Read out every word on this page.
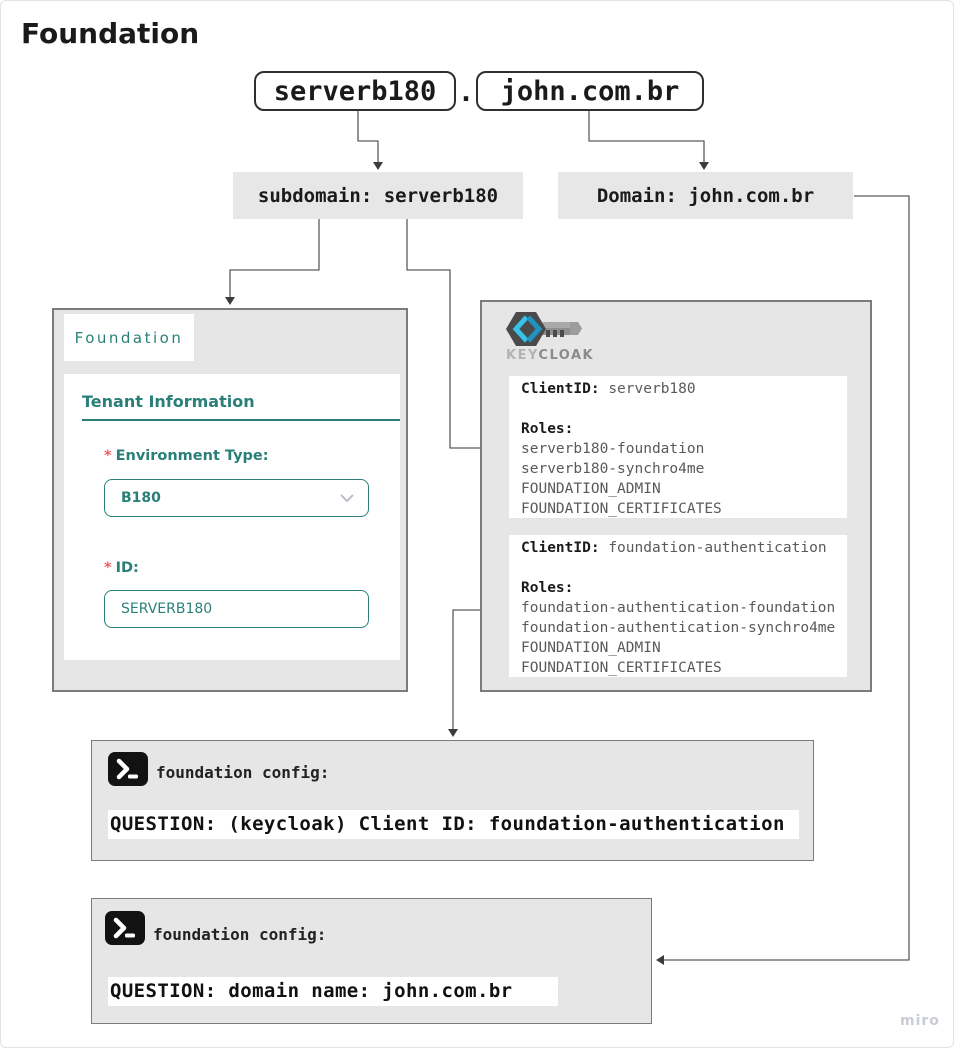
Foundation
serverb180 . john.com.br
subdomain: serverb180	Domain: john.com.br
Foundation
Tenant Information
* Environment Type:
B180
* ID:
SERVERB180
KEYCLOAK
ClientID: serverb180

Roles:
serverb180-foundation
serverb180-synchro4me
FOUNDATION_ADMIN
FOUNDATION_CERTIFICATES
ClientID: foundation-authentication

Roles:
foundation-authentication-foundation
foundation-authentication-synchro4me
FOUNDATION_ADMIN
FOUNDATION_CERTIFICATES
foundation config:
QUESTION: (keycloak) Client ID: foundation-authentication
foundation config:
QUESTION: domain name: john.com.br
miro
